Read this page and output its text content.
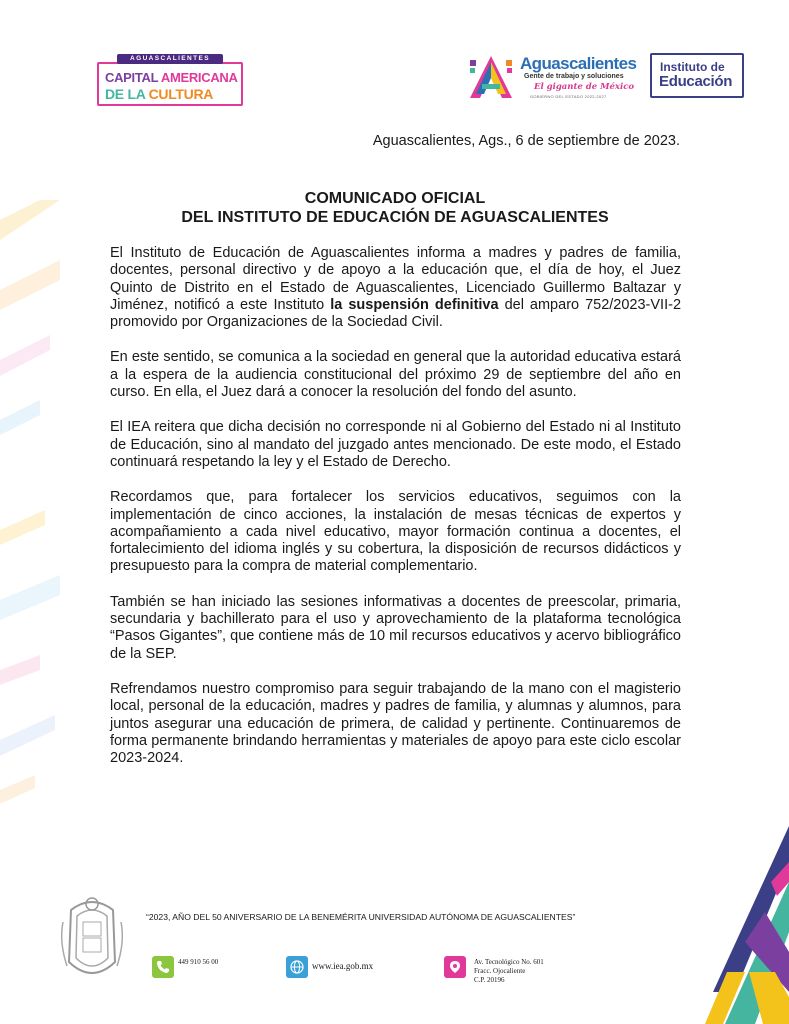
CAPITAL AMERICANA
DE LA CULTURA
AGUASCALIENTES	Aguascalientes
Gente de trabajo y soluciones
El gigante de México
GOBIERNO DEL ESTADO 2022-2027
Instituto de
Educación
Aguascalientes, Ags., 6 de septiembre de 2023.
COMUNICADO OFICIAL
DEL INSTITUTO DE EDUCACIÓN DE AGUASCALIENTES

El Instituto de Educación de Aguascalientes informa a madres y padres de familia, docentes, personal directivo y de apoyo a la educación que, el día de hoy, el Juez Quinto de Distrito en el Estado de Aguascalientes, Licenciado Guillermo Baltazar y Jiménez, notificó a este Instituto la suspensión definitiva del amparo 752/2023-VII-2 promovido por Organizaciones de la Sociedad Civil.

En este sentido, se comunica a la sociedad en general que la autoridad educativa estará a la espera de la audiencia constitucional del próximo 29 de septiembre del año en curso. En ella, el Juez dará a conocer la resolución del fondo del asunto.

El IEA reitera que dicha decisión no corresponde ni al Gobierno del Estado ni al Instituto de Educación, sino al mandato del juzgado antes mencionado. De este modo, el Estado continuará respetando la ley y el Estado de Derecho.

Recordamos que, para fortalecer los servicios educativos, seguimos con la implementación de cinco acciones, la instalación de mesas técnicas de expertos y acompañamiento a cada nivel educativo, mayor formación continua a docentes, el fortalecimiento del idioma inglés y su cobertura, la disposición de recursos didácticos y presupuesto para la compra de material complementario.

También se han iniciado las sesiones informativas a docentes de preescolar, primaria, secundaria y bachillerato para el uso y aprovechamiento de la plataforma tecnológica “Pasos Gigantes”, que contiene más de 10 mil recursos educativos y acervo bibliográfico de la SEP.

Refrendamos nuestro compromiso para seguir trabajando de la mano con el magisterio local, personal de la educación, madres y padres de familia, y alumnas y alumnos, para juntos asegurar una educación de primera, de calidad y pertinente. Continuaremos de forma permanente brindando herramientas y materiales de apoyo para este ciclo escolar 2023-2024.

“2023, AÑO DEL 50 ANIVERSARIO DE LA BENEMÉRITA UNIVERSIDAD AUTÓNOMA DE AGUASCALIENTES”
449 910 56 00	www.iea.gob.mx	Av. Tecnológico No. 601
Fracc. Ojocaliente
C.P. 20196
